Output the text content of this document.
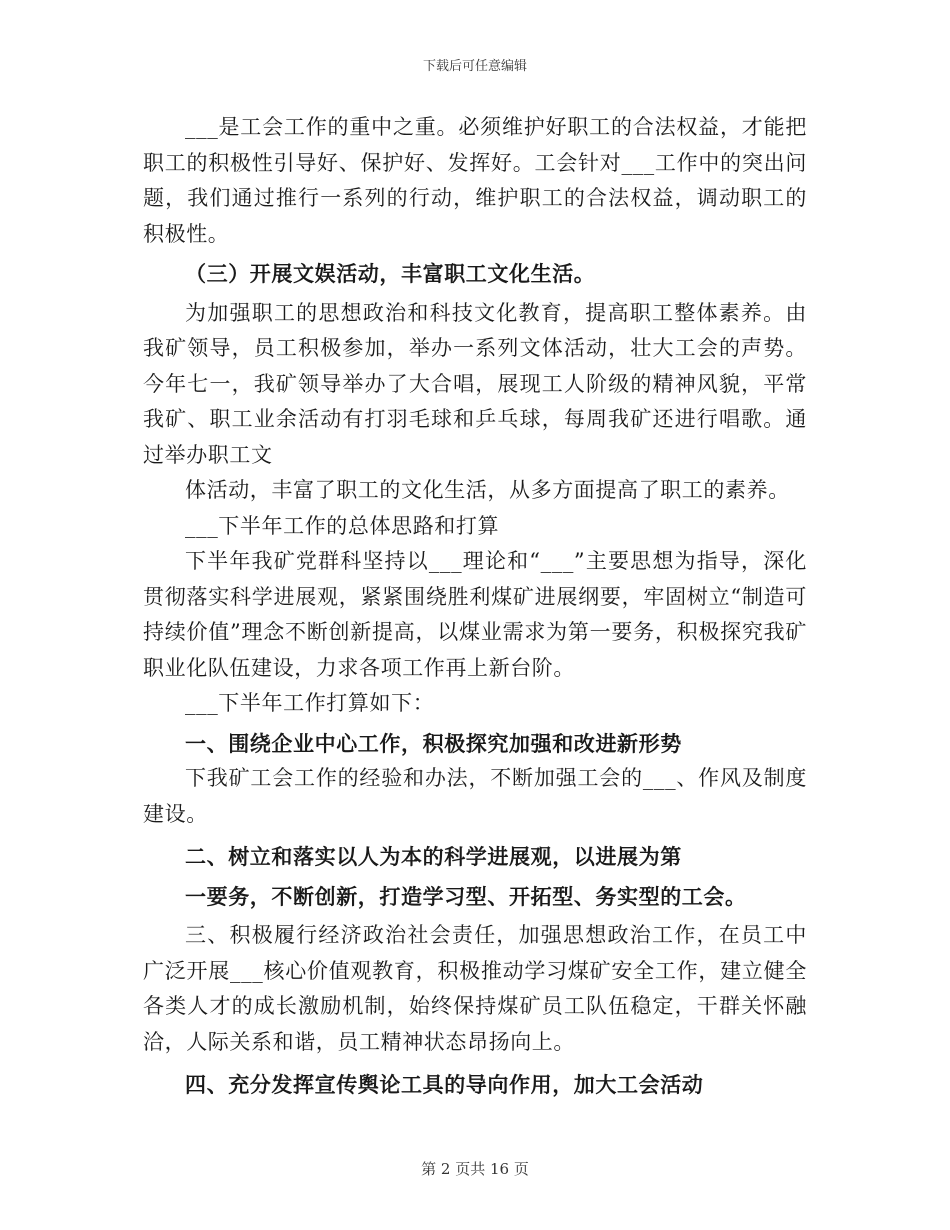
下载后可任意编辑

___是工会工作的重中之重。必须维护好职工的合法权益，才能把职工的积极性引导好、保护好、发挥好。工会针对___工作中的突出问题，我们通过推行一系列的行动，维护职工的合法权益，调动职工的积极性。

（三）开展文娱活动，丰富职工文化生活。

为加强职工的思想政治和科技文化教育，提高职工整体素养。由我矿领导，员工积极参加，举办一系列文体活动，壮大工会的声势。今年七一，我矿领导举办了大合唱，展现工人阶级的精神风貌，平常我矿、职工业余活动有打羽毛球和乒乓球，每周我矿还进行唱歌。通过举办职工文

体活动，丰富了职工的文化生活，从多方面提高了职工的素养。

___下半年工作的总体思路和打算

下半年我矿党群科坚持以___理论和“___”主要思想为指导，深化贯彻落实科学进展观，紧紧围绕胜利煤矿进展纲要，牢固树立“制造可持续价值”理念不断创新提高，以煤业需求为第一要务，积极探究我矿职业化队伍建设，力求各项工作再上新台阶。

___下半年工作打算如下：

一、围绕企业中心工作，积极探究加强和改进新形势

下我矿工会工作的经验和办法，不断加强工会的___、作风及制度建设。

二、树立和落实以人为本的科学进展观，以进展为第

一要务，不断创新，打造学习型、开拓型、务实型的工会。

三、积极履行经济政治社会责任，加强思想政治工作，在员工中广泛开展___核心价值观教育，积极推动学习煤矿安全工作，建立健全各类人才的成长激励机制，始终保持煤矿员工队伍稳定，干群关怀融洽，人际关系和谐，员工精神状态昂扬向上。

四、充分发挥宣传舆论工具的导向作用，加大工会活动

第 2 页共 16 页
